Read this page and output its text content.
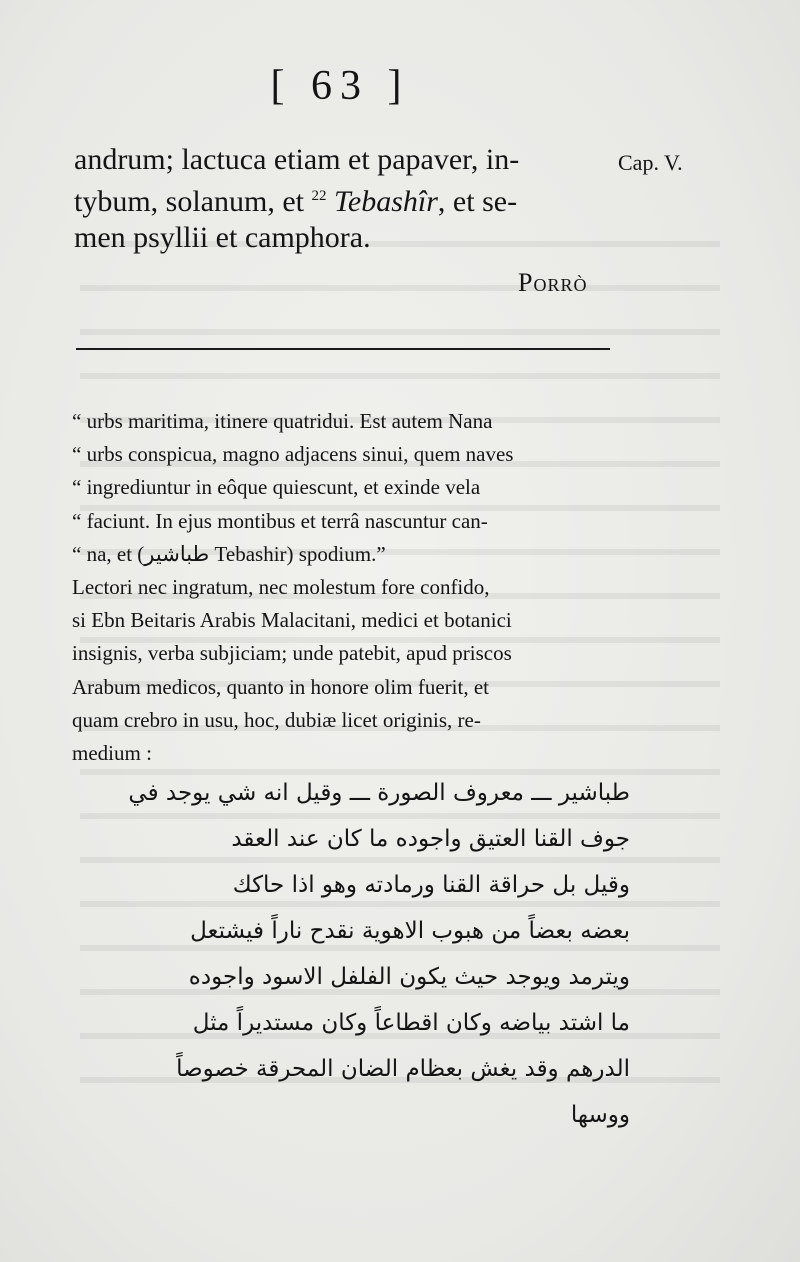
[ 63 ]
andrum; lactuca etiam et papaver, in-
tybum, solanum, et $^{22}$ Tebashîr, et se-
men psyllii et camphora.
Cap. V.
Porrò
“ urbs maritima, itinere quatridui. Est autem Nana
“ urbs conspicua, magno adjacens sinui, quem naves
“ ingrediuntur in eôque quiescunt, et exinde vela
“ faciunt. In ejus montibus et terrâ nascuntur can-
“ na, et (طباشير Tebashir) spodium.”
Lectori nec ingratum, nec molestum fore confido,
si Ebn Beitaris Arabis Malacitani, medici et botanici
insignis, verba subjiciam; unde patebit, apud priscos
Arabum medicos, quanto in honore olim fuerit, et
quam crebro in usu, hoc, dubiæ licet originis, re-
medium :
طباشير ـــ معروف الصورة ـــ وقيل انه شي يوجد في
جوف القنا العتيق واجوده ما كان عند العقد
وقيل بل حراقة القنا ورمادته وهو اذا حاكك
بعضه بعضاً من هبوب الاهوية نقدح ناراً فيشتعل
ويترمد ويوجد حيث يكون الفلفل الاسود واجوده
ما اشتد بياضه وكان اقطاعاً وكان مستديراً مثل
الدرهم وقد يغش بعظام الضان المحرقة خصوصاً
ووسها
